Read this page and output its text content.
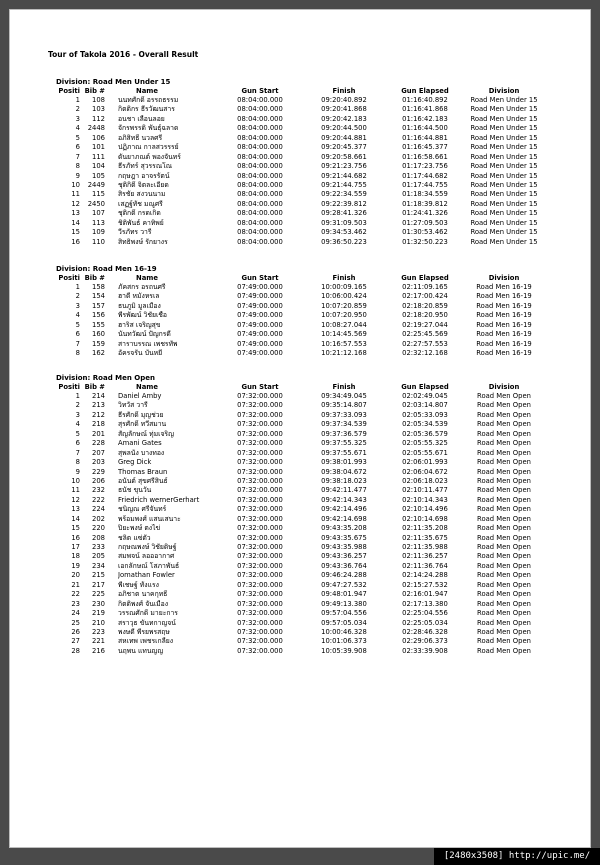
Tour of Takola 2016 - Overall Result
Division: Road Men Under 15
Positi Bib #	Name	Gun Start	Finish	Gun Elapsed	Division
1	108 นนทศักดิ์ อรรถธรรม	08:04:00.000	09:20:40.892	01:16:40.892	Road Men Under 15
2	103 กิตติกร ธีรวัฒนสาร	08:04:00.000	09:20:41.868	01:16:41.868	Road Men Under 15
3	112 อนชา เลื่อนลอย	08:04:00.000	09:20:42.183	01:16:42.183	Road Men Under 15
4	2448 จักรพรรดิ พันธุ์ฉลาด	08:04:00.000	09:20:44.500	01:16:44.500	Road Men Under 15
5	106 อภิสิทธิ์ นวลศรี	08:04:00.000	09:20:44.881	01:16:44.881	Road Men Under 15
6	101 ปฏิภาณ กาลสวรรรย์	08:04:00.000	09:20:45.377	01:16:45.377	Road Men Under 15
7	111 ดันยาภณต์ พองจันทร์	08:04:00.000	09:20:58.661	01:16:58.661	Road Men Under 15
8	104 ธีรภัทร์ สุวรรณโณ	08:04:00.000	09:21:23.756	01:17:23.756	Road Men Under 15
9	105 กฤษฎา อาจรรัตน์	08:04:00.000	09:21:44.682	01:17:44.682	Road Men Under 15
10	2449 ชุติกิติ์ จิตละเอียด	08:04:00.000	09:21:44.755	01:17:44.755	Road Men Under 15
11	115 สิรชัย สงวนนาม	08:04:00.000	09:22:34.559	01:18:34.559	Road Men Under 15
12	2450 เสฏฐ์ทัช มณูศรี	08:04:00.000	09:22:39.812	01:18:39.812	Road Men Under 15
13	107 ชุติกติ์ กรดเกิด	08:04:00.000	09:28:41.326	01:24:41.326	Road Men Under 15
14	113 ชิติพันธ์ คาทิพย์	08:04:00.000	09:31:09.503	01:27:09.503	Road Men Under 15
15	109 วีรภัทร วารี	08:04:00.000	09:34:53.462	01:30:53.462	Road Men Under 15
16	110 สิทธิพงษ์ รักยางร	08:04:00.000	09:36:50.223	01:32:50.223	Road Men Under 15
Division: Road Men 16-19
Positi Bib #	Name	Gun Start	Finish	Gun Elapsed	Division
1	158 ภัคสกร อรถนศรี	07:49:00.000	10:00:09.165	02:11:09.165	Road Men 16-19
2	154 ฮาดี หมังหรเล	07:49:00.000	10:06:00.424	02:17:00.424	Road Men 16-19
3	157 ธนภูมิ มูลเมือง	07:49:00.000	10:07:20.859	02:18:20.859	Road Men 16-19
4	156 พีรพัฒน์ วิชัยเชื้อ	07:49:00.000	10:07:20.950	02:18:20.950	Road Men 16-19
5	155 ฮาริส เจริญสุข	07:49:00.000	10:08:27.044	02:19:27.044	Road Men 16-19
6	160 นันทวัฒน์ ปัญกรดี	07:49:00.000	10:14:45.569	02:25:45.569	Road Men 16-19
7	159 สาราบรรณ เพชรทัพ	07:49:00.000	10:16:57.553	02:27:57.553	Road Men 16-19
8	162 อัครจรัน บันหยี	07:49:00.000	10:21:12.168	02:32:12.168	Road Men 16-19
Division: Road Men Open
Positi Bib #	Name	Gun Start	Finish	Gun Elapsed	Division
1	214 Daniel Amby	07:32:00.000	09:34:49.045	02:02:49.045	Road Men Open
2	213 วิทวัส วารี	07:32:00.000	09:35:14.807	02:03:14.807	Road Men Open
3	212 ธีรศักดิ์ มุญช่วย	07:32:00.000	09:37:33.093	02:05:33.093	Road Men Open
4	218 สุรศักดิ์ ทวีสมาน	07:32:00.000	09:37:34.539	02:05:34.539	Road Men Open
5	201 สัญลักษณ์ ทุ่มเจริญ	07:32:00.000	09:37:36.579	02:05:36.579	Road Men Open
6	228 Amani Gates	07:32:00.000	09:37:55.325	02:05:55.325	Road Men Open
7	207 สุพลนัง บางทอง	07:32:00.000	09:37:55.671	02:05:55.671	Road Men Open
8	203 Greg Dick	07:32:00.000	09:38:01.993	02:06:01.993	Road Men Open
9	229 Thomas Braun	07:32:00.000	09:38:04.672	02:06:04.672	Road Men Open
10	206 อนันต์ สุขศรีสินธ์	07:32:00.000	09:38:18.023	02:06:18.023	Road Men Open
11	232 ธนัช ขุนวัน	07:32:00.000	09:42:11.477	02:10:11.477	Road Men Open
12	222 Friedrich wernerGerhart	07:32:00.000	09:42:14.343	02:10:14.343	Road Men Open
13	224 ชนิญณ ศรีจันทร์	07:32:00.000	09:42:14.496	02:10:14.496	Road Men Open
14	202 พร้อมพงศ์ แสนเสนาะ	07:32:00.000	09:42:14.698	02:10:14.698	Road Men Open
15	220 ปิยะพงษ์ ตงไข่	07:32:00.000	09:43:35.208	02:11:35.208	Road Men Open
16	208 ชลิต แซ่ตั๋ว	07:32:00.000	09:43:35.675	02:11:35.675	Road Men Open
17	233 กฤษณพงษ์ วิชัยดิษฐ์	07:32:00.000	09:43:35.988	02:11:35.988	Road Men Open
18	205 สมพจน์ ลอออากาศ	07:32:00.000	09:43:36.257	02:11:36.257	Road Men Open
19	234 เอกลักษณ์ โสภาพันธ์	07:32:00.000	09:43:36.764	02:11:36.764	Road Men Open
20	215 Jomathan Fowler	07:32:00.000	09:46:24.288	02:14:24.288	Road Men Open
21	217 พีเชษฐ์ ทั้งแรง	07:32:00.000	09:47:27.532	02:15:27.532	Road Men Open
22	225 อภิชาต นาคกุทธิ์	07:32:00.000	09:48:01.947	02:16:01.947	Road Men Open
23	230 กิตติพงศ์ จันเมือง	07:32:00.000	09:49:13.380	02:17:13.380	Road Men Open
24	219 วรรณศักดิ์ มายะการ	07:32:00.000	09:57:04.556	02:25:04.556	Road Men Open
25	210 สราวุธ ขันทกาญจน์	07:32:00.000	09:57:05.034	02:25:05.034	Road Men Open
26	223 พงษดี พีรยพรสฤษ	07:32:00.000	10:00:46.328	02:28:46.328	Road Men Open
27	221 สหเทพ เพชรเกลี้ยง	07:32:00.000	10:01:06.373	02:29:06.373	Road Men Open
28	216 นฤพน แทนญญ	07:32:00.000	10:05:39.908	02:33:39.908	Road Men Open
[2480x3508] http://upic.me/
